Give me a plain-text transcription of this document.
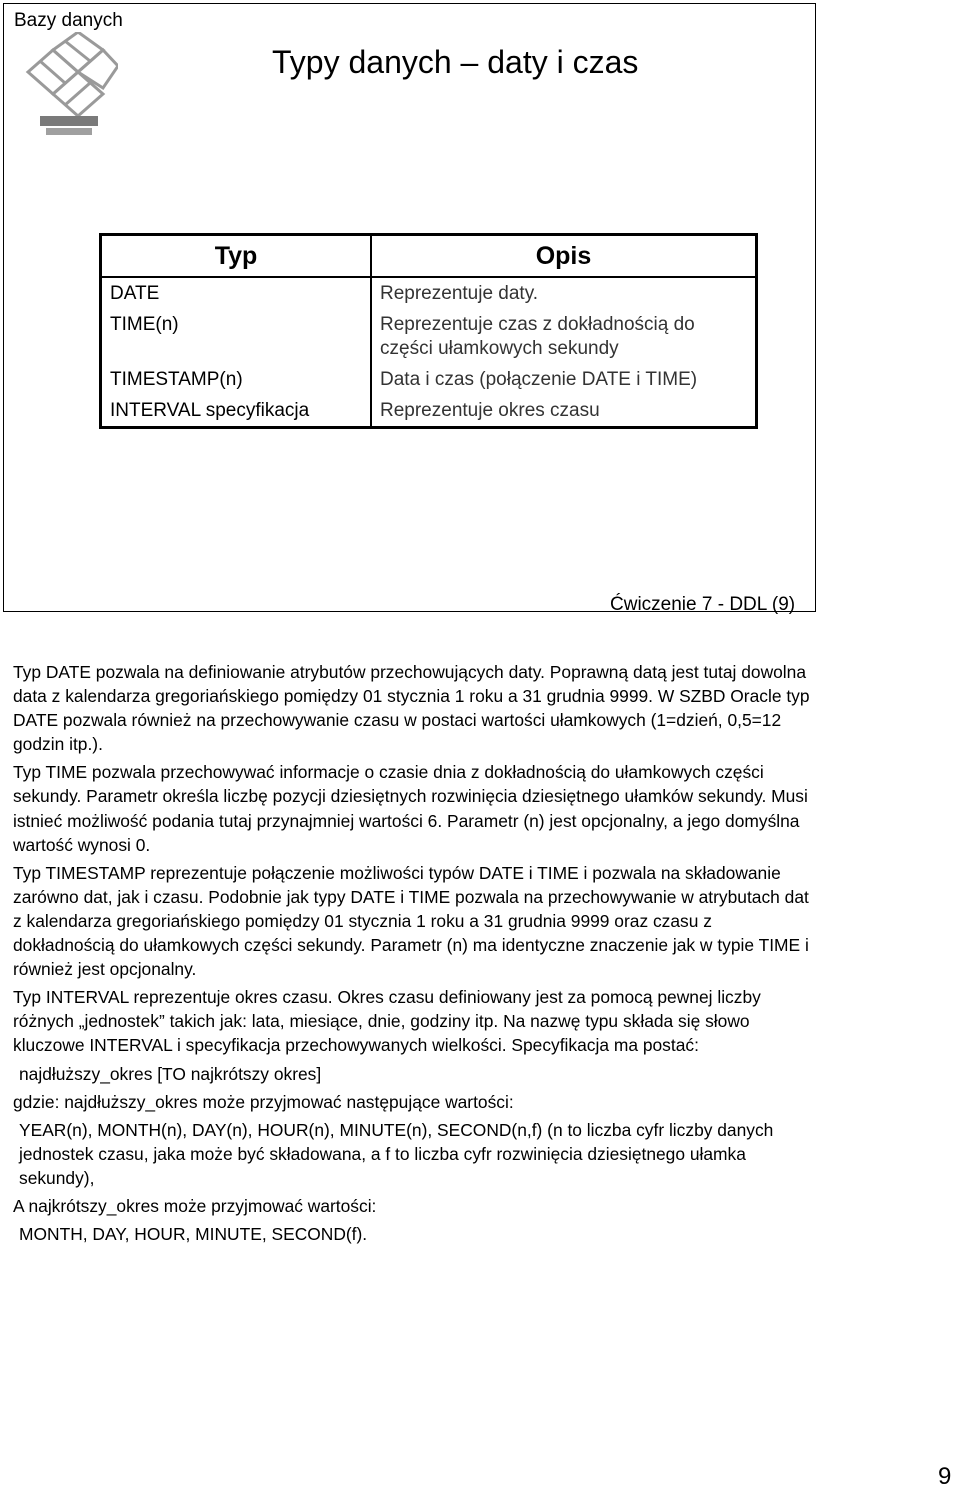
Bazy danych
Typy danych – daty i czas
Typ	Opis
DATE	Reprezentuje daty.
TIME(n)	Reprezentuje czas z dokładnością do części ułamkowych sekundy
TIMESTAMP(n)	Data i czas (połączenie DATE i TIME)
INTERVAL specyfikacja	Reprezentuje okres czasu
Ćwiczenie 7 - DDL (9)

Typ DATE pozwala na definiowanie atrybutów przechowujących daty. Poprawną datą jest tutaj dowolna data z kalendarza gregoriańskiego pomiędzy 01 stycznia 1 roku a 31 grudnia 9999. W SZBD Oracle typ DATE pozwala również na przechowywanie czasu w postaci wartości ułamkowych (1=dzień, 0,5=12 godzin itp.).

Typ TIME pozwala przechowywać informacje o czasie dnia z dokładnością do ułamkowych części sekundy. Parametr określa liczbę pozycji dziesiętnych rozwinięcia dziesiętnego ułamków sekundy. Musi istnieć możliwość podania tutaj przynajmniej wartości 6. Parametr (n) jest opcjonalny, a jego domyślna wartość wynosi 0.

Typ TIMESTAMP reprezentuje połączenie możliwości typów DATE i TIME i pozwala na składowanie zarówno dat, jak i czasu. Podobnie jak typy DATE i TIME pozwala na przechowywanie w atrybutach dat z kalendarza gregoriańskiego pomiędzy 01 stycznia 1 roku a 31 grudnia 9999 oraz czasu z dokładnością do ułamkowych części sekundy. Parametr (n) ma identyczne znaczenie jak w typie TIME i również jest opcjonalny.

Typ INTERVAL reprezentuje okres czasu. Okres czasu definiowany jest za pomocą pewnej liczby różnych „jednostek” takich jak: lata, miesiące, dnie, godziny itp. Na nazwę typu składa się słowo kluczowe INTERVAL i specyfikacja przechowywanych wielkości. Specyfikacja ma postać:

najdłuższy_okres [TO najkrótszy okres]

gdzie: najdłuższy_okres może przyjmować następujące wartości:

YEAR(n), MONTH(n), DAY(n), HOUR(n), MINUTE(n), SECOND(n,f) (n to liczba cyfr liczby danych jednostek czasu, jaka może być składowana, a f to liczba cyfr rozwinięcia dziesiętnego ułamka sekundy),

A najkrótszy_okres może przyjmować wartości:

MONTH, DAY, HOUR, MINUTE, SECOND(f).

9
